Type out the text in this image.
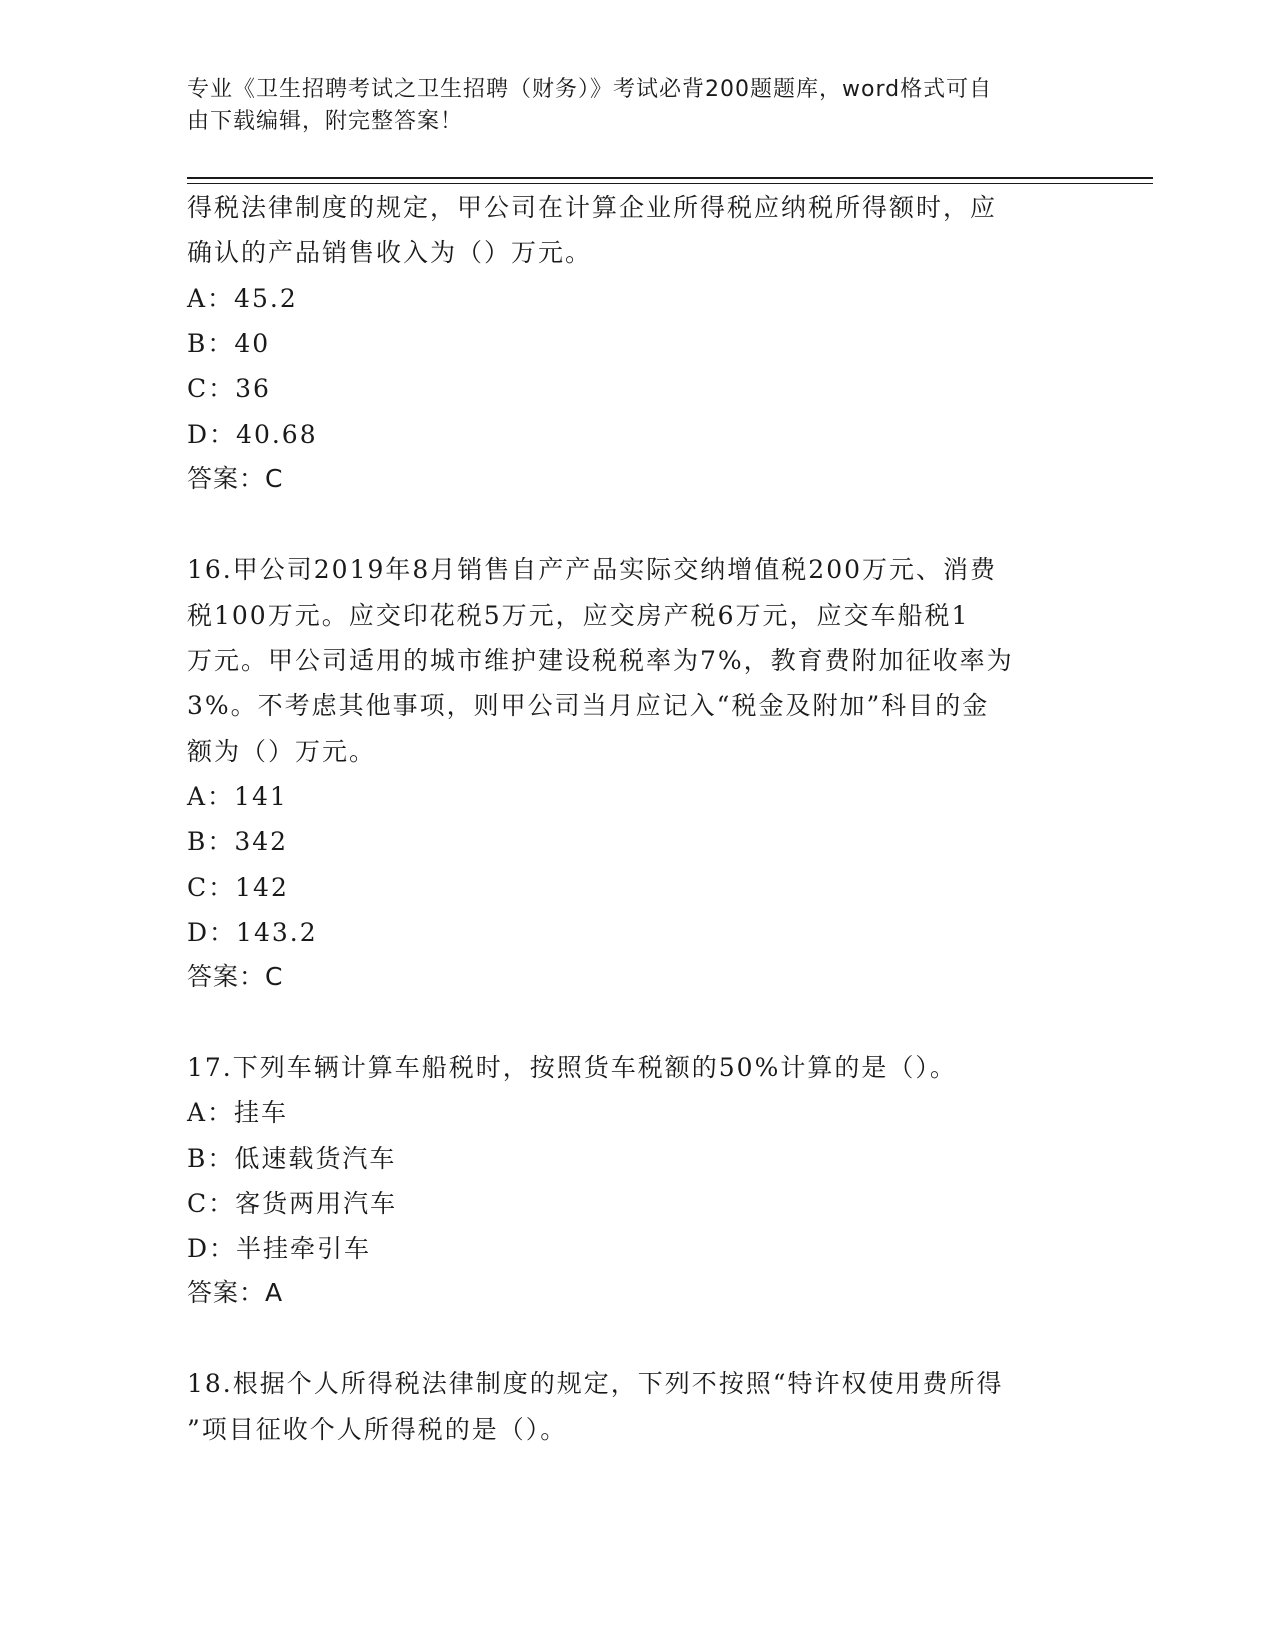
专业《卫生招聘考试之卫生招聘（财务）》考试必背200题题库，word格式可自
由下载编辑，附完整答案！
得税法律制度的规定，甲公司在计算企业所得税应纳税所得额时，应
确认的产品销售收入为（）万元。
A：45.2
B：40
C：36
D：40.68
答案：C
16.甲公司2019年8月销售自产产品实际交纳增值税200万元、消费
税100万元。应交印花税5万元，应交房产税6万元，应交车船税1
万元。甲公司适用的城市维护建设税税率为7%，教育费附加征收率为
3%。不考虑其他事项，则甲公司当月应记入“税金及附加”科目的金
额为（）万元。
A：141
B：342
C：142
D：143.2
答案：C
17.下列车辆计算车船税时，按照货车税额的50%计算的是（）。
A：挂车
B：低速载货汽车
C：客货两用汽车
D：半挂牵引车
答案：A
18.根据个人所得税法律制度的规定，下列不按照“特许权使用费所得
”项目征收个人所得税的是（）。
